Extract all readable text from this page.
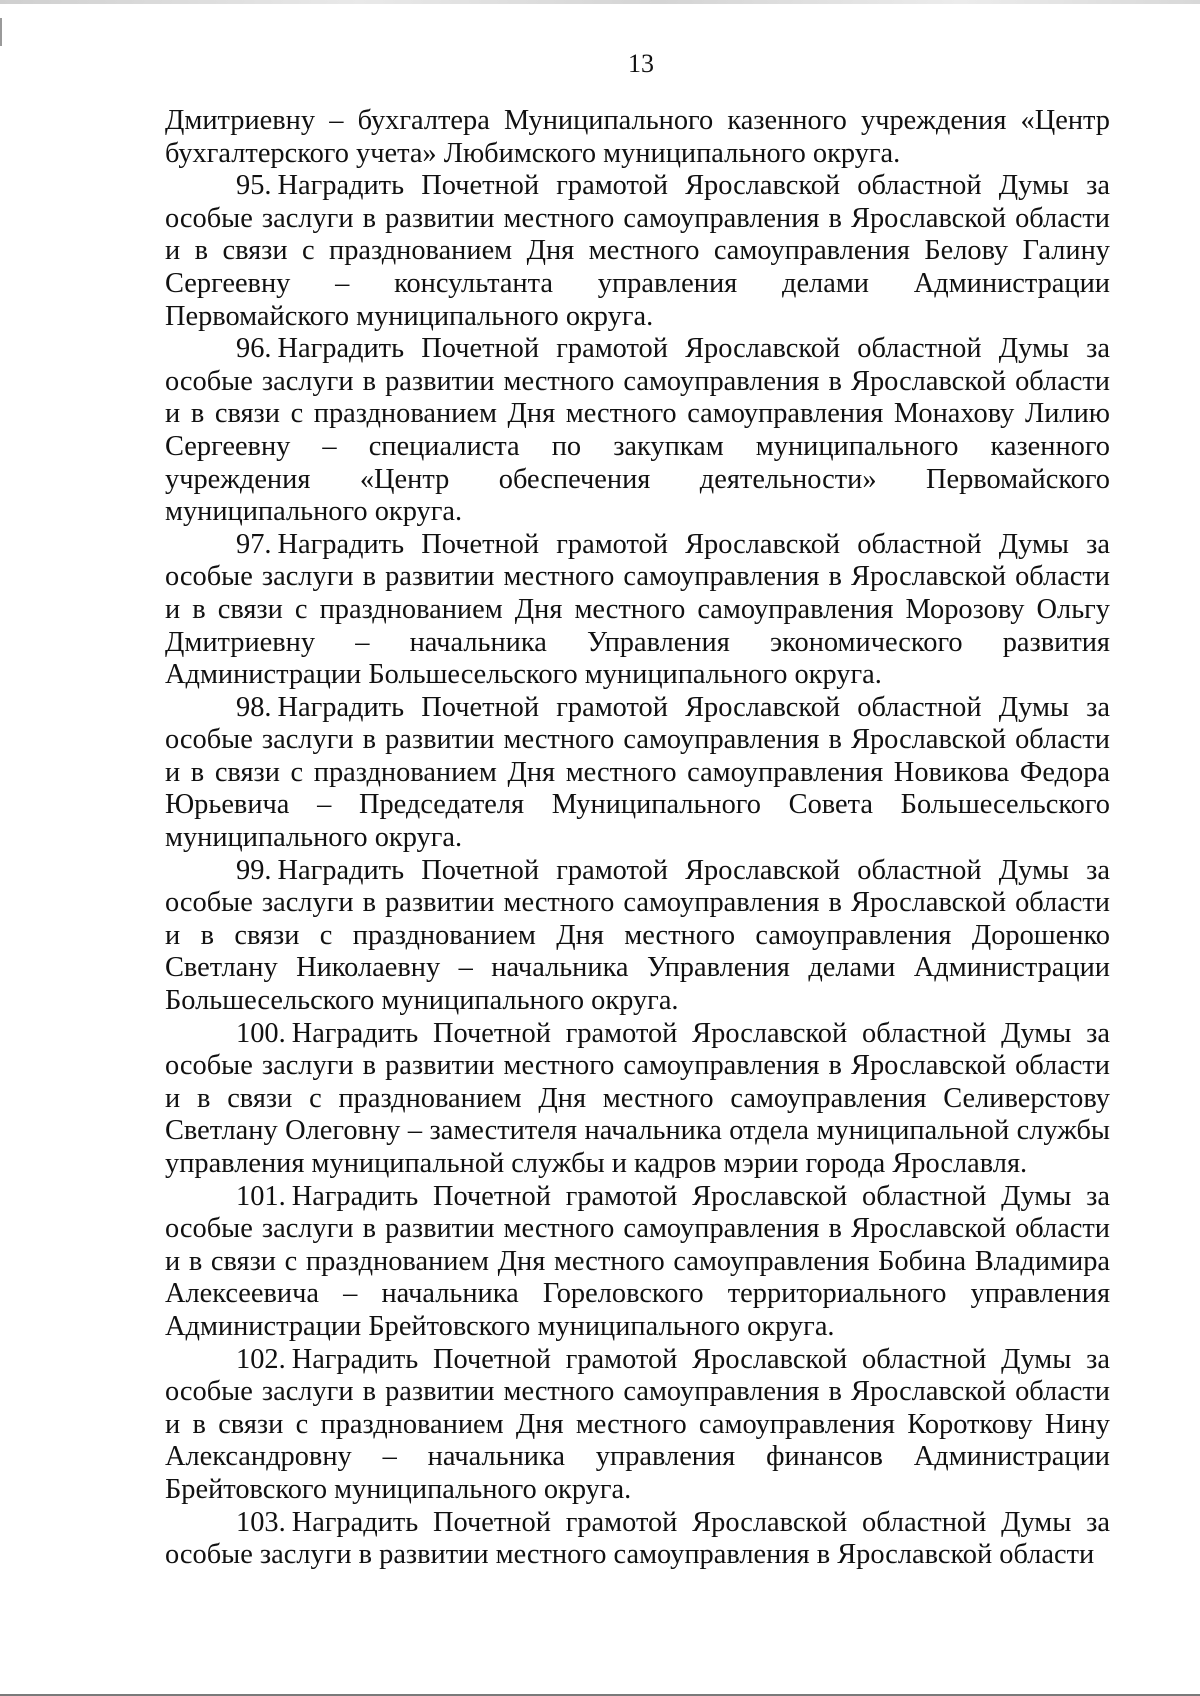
13

Дмитриевну – бухгалтера Муниципального казенного учреждения «Центр бухгалтерского учета» Любимского муниципального округа.

95. Наградить Почетной грамотой Ярославской областной Думы за особые заслуги в развитии местного самоуправления в Ярославской области и в связи с празднованием Дня местного самоуправления Белову Галину Сергеевну – консультанта управления делами Администрации Первомайского муниципального округа.

96. Наградить Почетной грамотой Ярославской областной Думы за особые заслуги в развитии местного самоуправления в Ярославской области и в связи с празднованием Дня местного самоуправления Монахову Лилию Сергеевну – специалиста по закупкам муниципального казенного учреждения «Центр обеспечения деятельности» Первомайского муниципального округа.

97. Наградить Почетной грамотой Ярославской областной Думы за особые заслуги в развитии местного самоуправления в Ярославской области и в связи с празднованием Дня местного самоуправления Морозову Ольгу Дмитриевну – начальника Управления экономического развития Администрации Большесельского муниципального округа.

98. Наградить Почетной грамотой Ярославской областной Думы за особые заслуги в развитии местного самоуправления в Ярославской области и в связи с празднованием Дня местного самоуправления Новикова Федора Юрьевича – Председателя Муниципального Совета Большесельского муниципального округа.

99. Наградить Почетной грамотой Ярославской областной Думы за особые заслуги в развитии местного самоуправления в Ярославской области и в связи с празднованием Дня местного самоуправления Дорошенко Светлану Николаевну – начальника Управления делами Администрации Большесельского муниципального округа.

100. Наградить Почетной грамотой Ярославской областной Думы за особые заслуги в развитии местного самоуправления в Ярославской области и в связи с празднованием Дня местного самоуправления Селиверстову Светлану Олеговну – заместителя начальника отдела муниципальной службы управления муниципальной службы и кадров мэрии города Ярославля.

101. Наградить Почетной грамотой Ярославской областной Думы за особые заслуги в развитии местного самоуправления в Ярославской области и в связи с празднованием Дня местного самоуправления Бобина Владимира Алексеевича – начальника Гореловского территориального управления Администрации Брейтовского муниципального округа.

102. Наградить Почетной грамотой Ярославской областной Думы за особые заслуги в развитии местного самоуправления в Ярославской области и в связи с празднованием Дня местного самоуправления Короткову Нину Александровну – начальника управления финансов Администрации Брейтовского муниципального округа.

103. Наградить Почетной грамотой Ярославской областной Думы за особые заслуги в развитии местного самоуправления в Ярославской области
